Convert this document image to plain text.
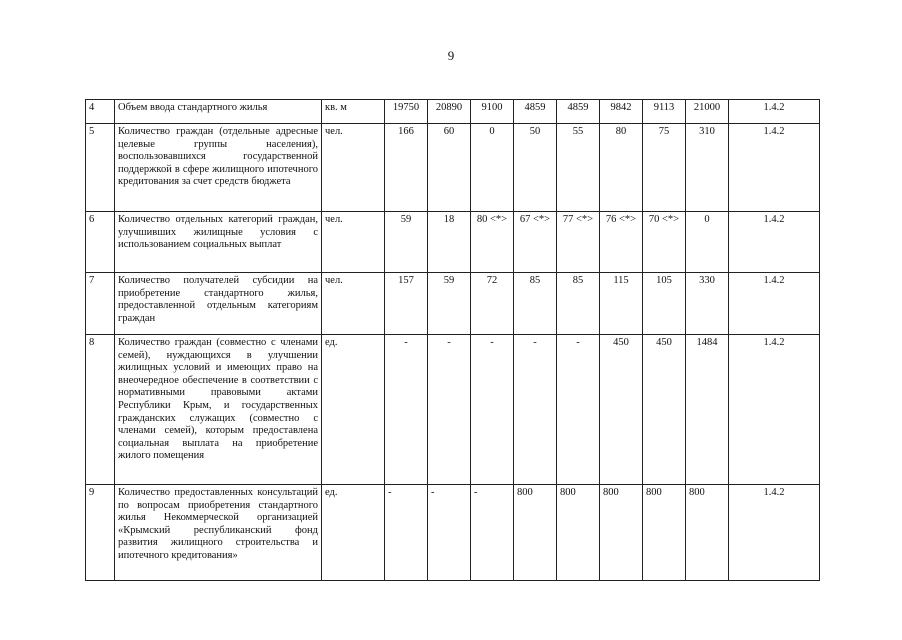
9
4	Объем ввода стандартного жилья	кв. м	19750	20890	9100	4859	4859	9842	9113	21000	1.4.2
5	Количество граждан (отдельные адресные целевые группы населения), воспользовавшихся государственной поддержкой в сфере жилищного ипотечного кредитования за счет средств бюджета	чел.	166	60	0	50	55	80	75	310	1.4.2
6	Количество отдельных категорий граждан, улучшивших жилищные условия с использованием социальных выплат	чел.	59	18	80 <*>	67 <*>	77 <*>	76 <*>	70 <*>	0	1.4.2
7	Количество получателей субсидии на приобретение стандартного жилья, предоставленной отдельным категориям граждан	чел.	157	59	72	85	85	115	105	330	1.4.2
8	Количество граждан (совместно с членами семей), нуждающихся в улучшении жилищных условий и имеющих право на внеочередное обеспечение в соответствии с нормативными правовыми актами Республики Крым, и государственных гражданских служащих (совместно с членами семей), которым предоставлена социальная выплата на приобретение жилого помещения	ед.	-	-	-	-	-	450	450	1484	1.4.2
9	Количество предоставленных консультаций по вопросам приобретения стандартного жилья Некоммерческой организацией «Крымский республиканский фонд развития жилищного строительства и ипотечного кредитования»	ед.	-	-	-	800	800	800	800	800	1.4.2
